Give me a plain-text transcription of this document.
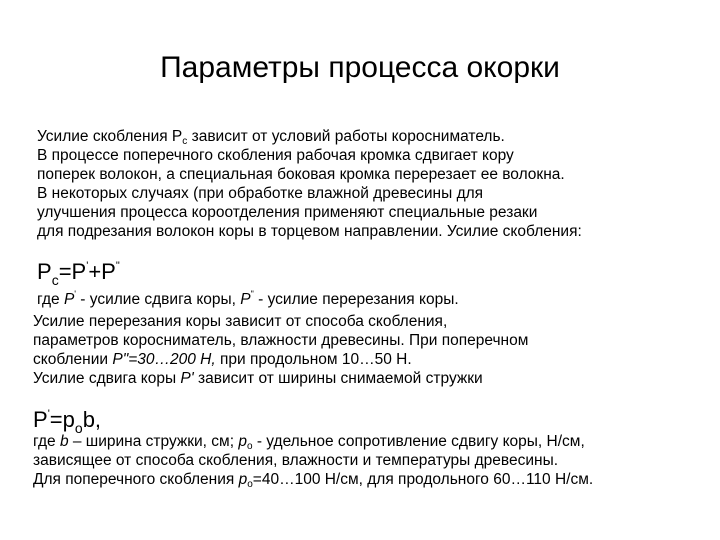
Параметры процесса окорки
Усилие скобления $Р_с$ зависит от условий работы коросниматель.
В процессе поперечного скобления рабочая кромка сдвигает кору
поперек волокон, а специальная боковая кромка перерезает ее волокна.
В некоторых случаях (при обработке влажной древесины для
улучшения процесса короотделения применяют специальные резаки
для подрезания волокон коры в торцевом направлении. Усилие скобления:
$P_c=P'+P^"$
где P' - усилие сдвига коры, P" - усилие перерезания коры.
Усилие перерезания коры зависит от способа скобления,
параметров коросниматель, влажности древесины. При поперечном
скоблении Р"=30…200 Н, при продольном 10…50 Н.
Усилие сдвига коры Р' зависит от ширины снимаемой стружки
$P'=p_ob$,
где b – ширина стружки, см; $p_o$ - удельное сопротивление сдвигу коры, Н/см,
зависящее от способа скобления, влажности и температуры древесины.
Для поперечного скобления $p_o=40\dots 100$ Н/см, для продольного 60…110 Н/см.
